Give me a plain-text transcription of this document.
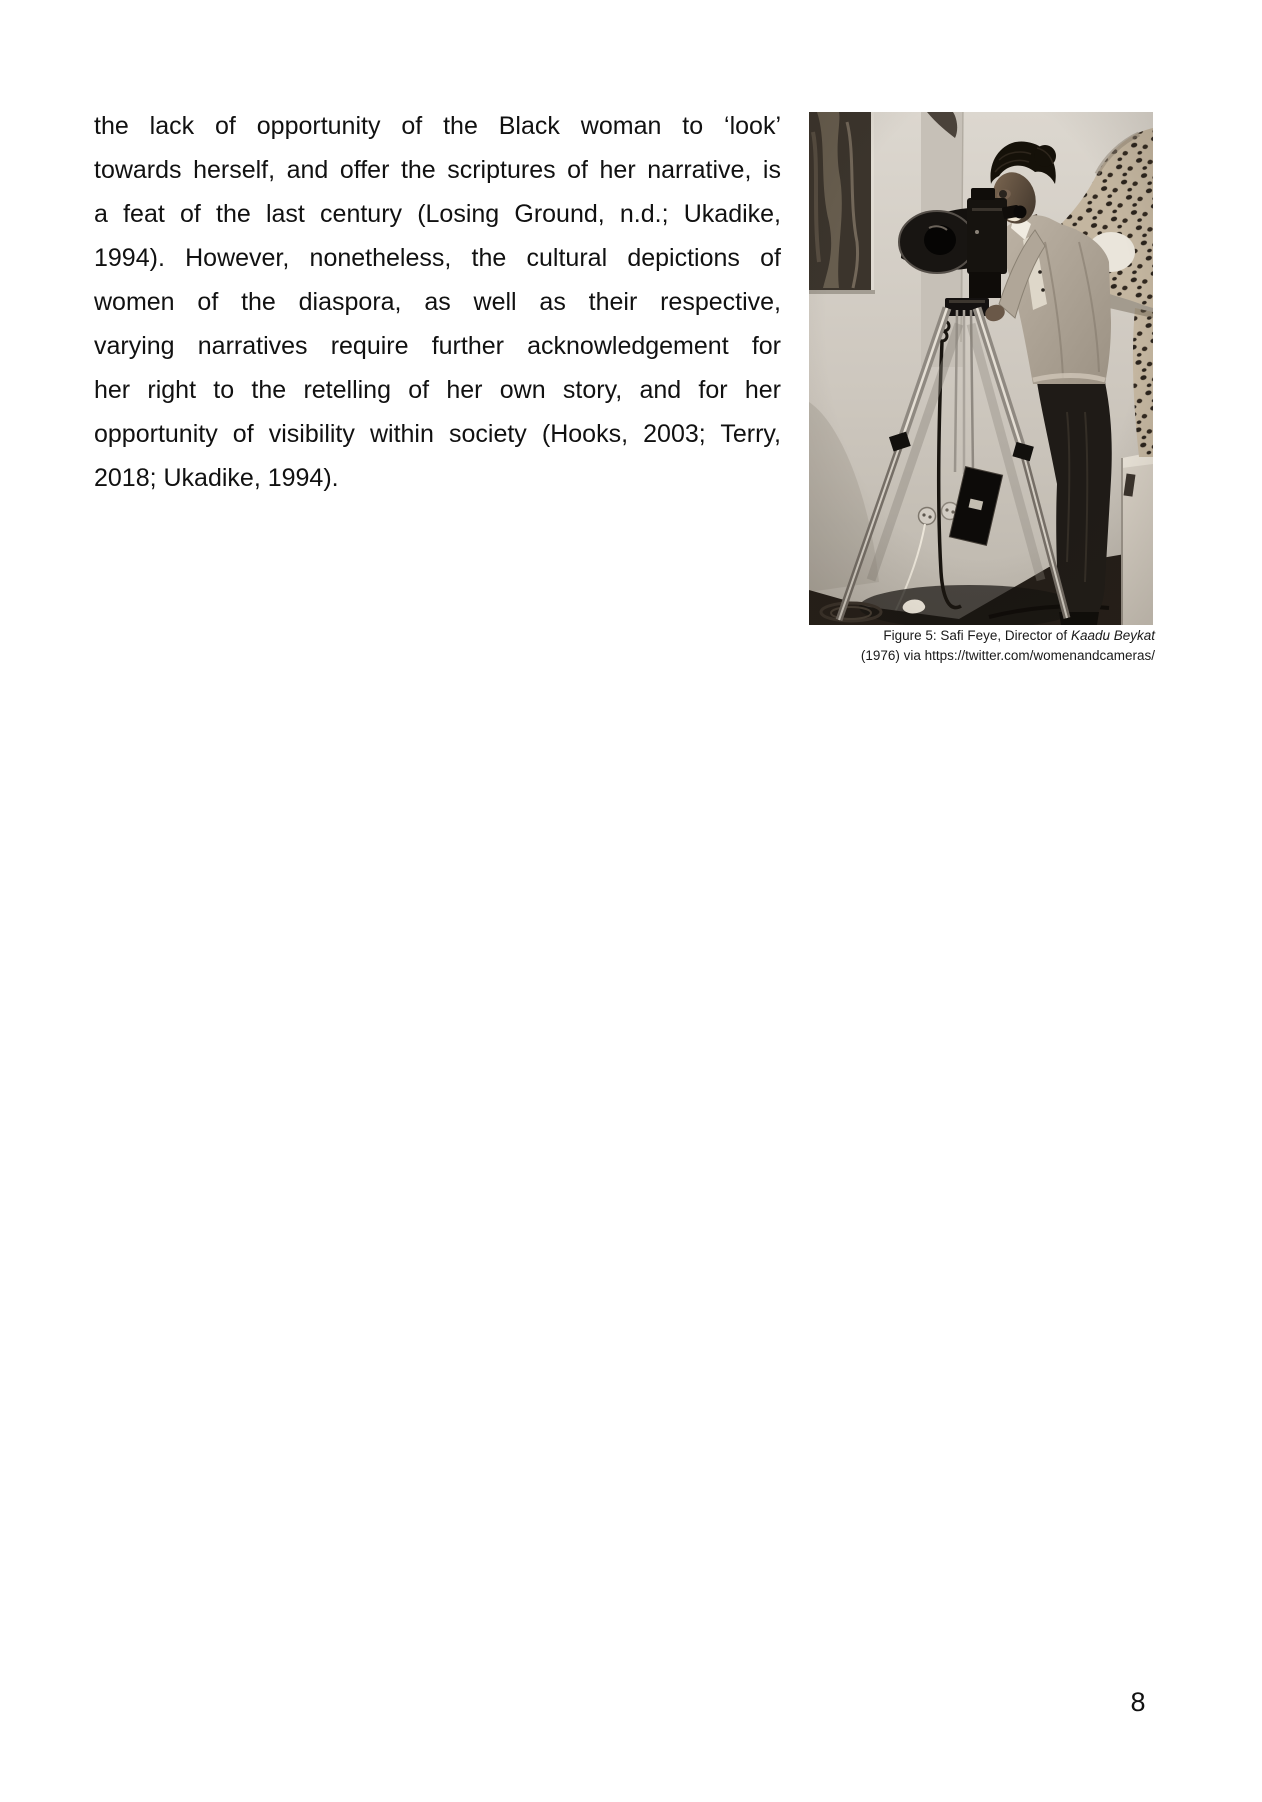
the lack of opportunity of the Black woman to ‘look’
towards herself, and offer the scriptures of her narrative, is
a feat of the last century (Losing Ground, n.d.; Ukadike,
1994). However, nonetheless, the cultural depictions of
women of the diaspora, as well as their respective,
varying narratives require further acknowledgement for
her right to the retelling of her own story, and for her
opportunity of visibility within society (Hooks, 2003; Terry,
2018; Ukadike, 1994).
Figure 5: Safi Feye, Director of Kaadu Beykat
(1976) via https://twitter.com/womenandcameras/
8
